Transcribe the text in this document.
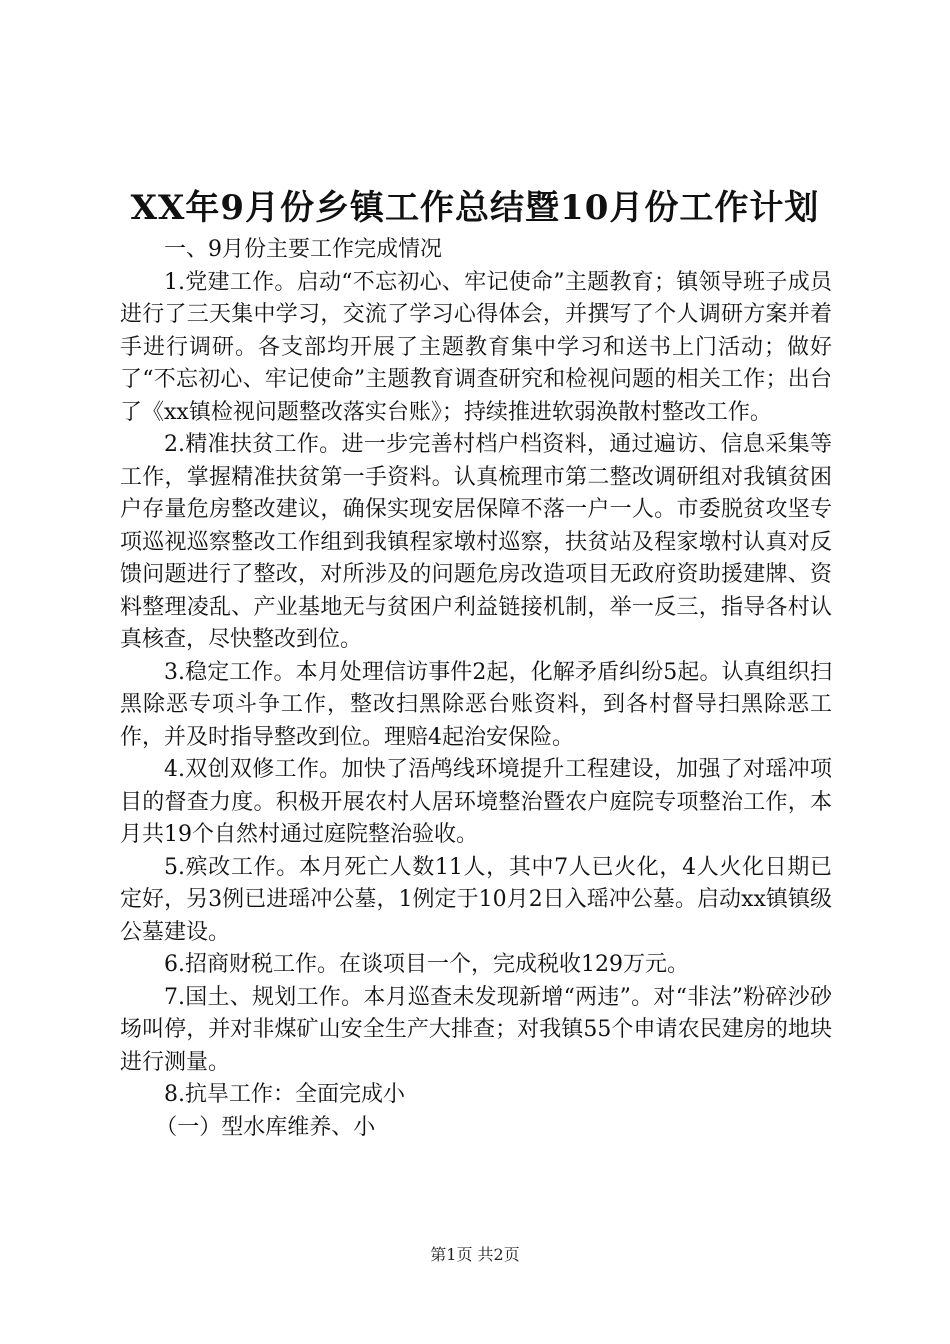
XX年9月份乡镇工作总结暨10月份工作计划

一、9月份主要工作完成情况

1.党建工作。启动“不忘初心、牢记使命”主题教育；镇领导班子成员进行了三天集中学习，交流了学习心得体会，并撰写了个人调研方案并着手进行调研。各支部均开展了主题教育集中学习和送书上门活动；做好了“不忘初心、牢记使命”主题教育调查研究和检视问题的相关工作；出台了《xx镇检视问题整改落实台账》；持续推进软弱涣散村整改工作。

2.精准扶贫工作。进一步完善村档户档资料，通过遍访、信息采集等工作，掌握精准扶贫第一手资料。认真梳理市第二整改调研组对我镇贫困户存量危房整改建议，确保实现安居保障不落一户一人。市委脱贫攻坚专项巡视巡察整改工作组到我镇程家墩村巡察，扶贫站及程家墩村认真对反馈问题进行了整改，对所涉及的问题危房改造项目无政府资助援建牌、资料整理凌乱、产业基地无与贫困户利益链接机制，举一反三，指导各村认真核查，尽快整改到位。

3.稳定工作。本月处理信访事件2起，化解矛盾纠纷5起。认真组织扫黑除恶专项斗争工作，整改扫黑除恶台账资料，到各村督导扫黑除恶工作，并及时指导整改到位。理赔4起治安保险。

4.双创双修工作。加快了浯鸬线环境提升工程建设，加强了对瑶冲项目的督查力度。积极开展农村人居环境整治暨农户庭院专项整治工作，本月共19个自然村通过庭院整治验收。

5.殡改工作。本月死亡人数11人，其中7人已火化，4人火化日期已定好，另3例已进瑶冲公墓，1例定于10月2日入瑶冲公墓。启动xx镇镇级公墓建设。

6.招商财税工作。在谈项目一个，完成税收129万元。

7.国土、规划工作。本月巡查未发现新增“两违”。对“非法”粉碎沙砂场叫停，并对非煤矿山安全生产大排查；对我镇55个申请农民建房的地块进行测量。

8.抗旱工作：全面完成小

（一）型水库维养、小

第1页 共2页
